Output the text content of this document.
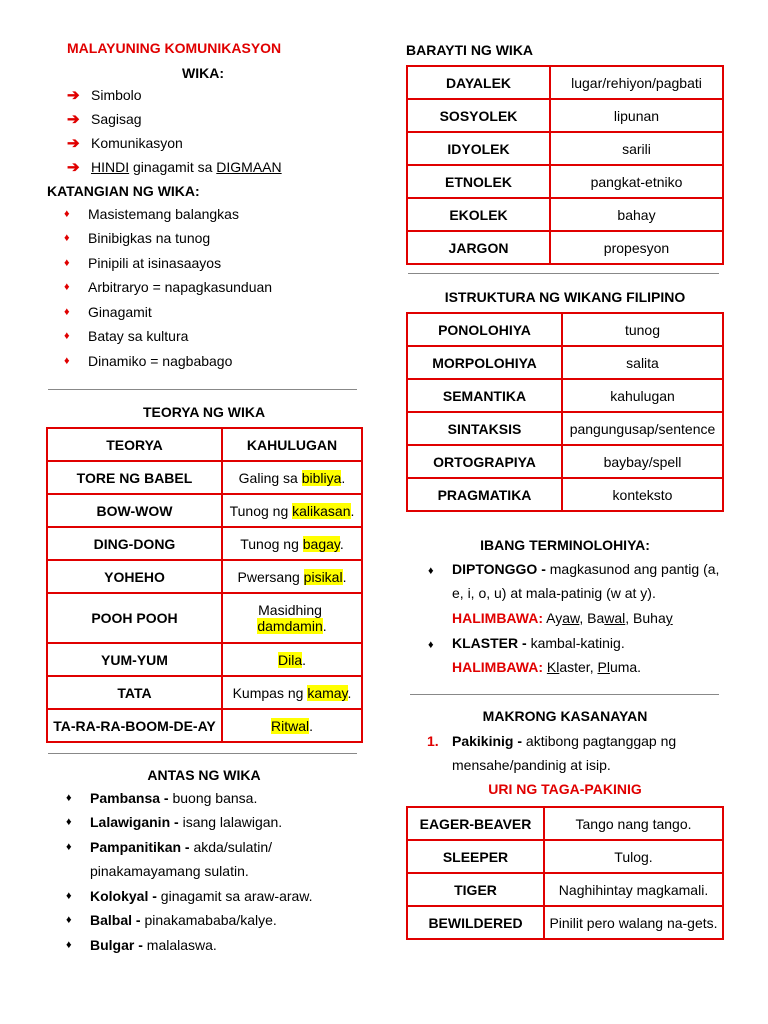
MALAYUNING KOMUNIKASYON
WIKA:
➔ Simbolo
➔ Sagisag
➔ Komunikasyon
➔ HINDI ginagamit sa DIGMAAN
KATANGIAN NG WIKA:
♦	Masistemang balangkas
♦	Binibigkas na tunog
♦	Pinipili at isinasaayos
♦	Arbitraryo = napagkasunduan
♦	Ginagamit
♦	Batay sa kultura
♦	Dinamiko = nagbabago
TEORYA NG WIKA
TEORYA	KAHULUGAN
TORE NG BABEL	Galing sa bibliya.
BOW-WOW	Tunog ng kalikasan.
DING-DONG	Tunog ng bagay.
YOHEHO	Pwersang pisikal.
POOH POOH	Masidhing
damdamin.
YUM-YUM	Dila.
TATA	Kumpas ng kamay.
TA-RA-RA-BOOM-DE-AY	Ritwal.
ANTAS NG WIKA
♦	Pambansa - buong bansa.
♦	Lalawiganin - isang lalawigan.
♦	Pampanitikan - akda/sulatin/
pinakamayamang sulatin.
♦	Kolokyal - ginagamit sa araw-araw.
♦	Balbal - pinakamababa/kalye.
♦	Bulgar - malalaswa.
BARAYTI NG WIKA
DAYALEK	lugar/rehiyon/pagbati
SOSYOLEK	lipunan
IDYOLEK	sarili
ETNOLEK	pangkat-etniko
EKOLEK	bahay
JARGON	propesyon
ISTRUKTURA NG WIKANG FILIPINO
PONOLOHIYA	tunog
MORPOLOHIYA	salita
SEMANTIKA	kahulugan
SINTAKSIS	pangungusap/sentence
ORTOGRAPIYA	baybay/spell
PRAGMATIKA	konteksto
IBANG TERMINOLOHIYA:
♦ DIPTONGGO - magkasunod ang pantig (a,
e, i, o, u) at mala-patinig (w at y).
HALIMBAWA: Ayaw, Bawal, Buhay
♦ KLASTER - kambal-katinig.
HALIMBAWA: Klaster, Pluma.
MAKRONG KASANAYAN
1. Pakikinig - aktibong pagtanggap ng
mensahe/pandinig at isip.
URI NG TAGA-PAKINIG
EAGER-BEAVER	Tango nang tango.
SLEEPER	Tulog.
TIGER	Naghihintay magkamali.
BEWILDERED	Pinilit pero walang na-gets.
